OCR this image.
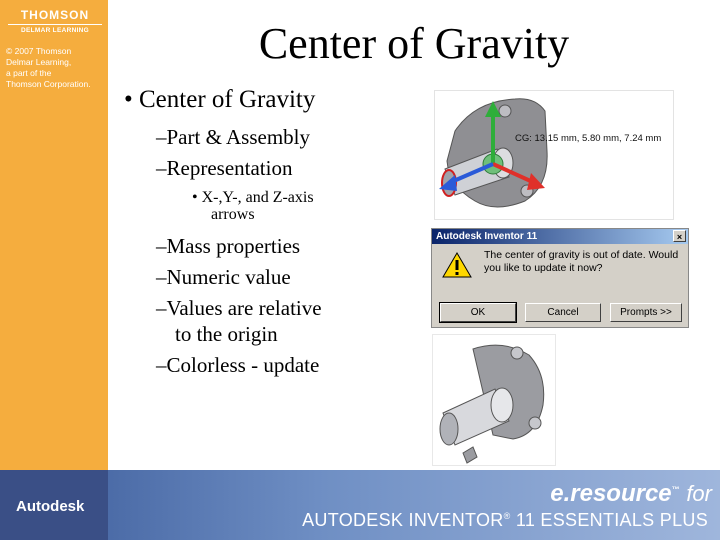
THOMSON
DELMAR LEARNING
© 2007 Thomson
Delmar Learning,
a part of the
Thomson Corporation.
Center of Gravity
• Center of Gravity
–Part & Assembly
–Representation
• X-,Y-, and Z-axis
arrows
–Mass properties
–Numeric value
–Values are relative
to the origin
–Colorless - update
CG: 13.15 mm, 5.80 mm, 7.24 mm
Autodesk Inventor 11	×
The center of gravity is out of date. Would you like to update it now?
OK	Cancel	Prompts >>
Autodesk	e.resource™ for
AUTODESK INVENTOR® 11 ESSENTIALS PLUS
